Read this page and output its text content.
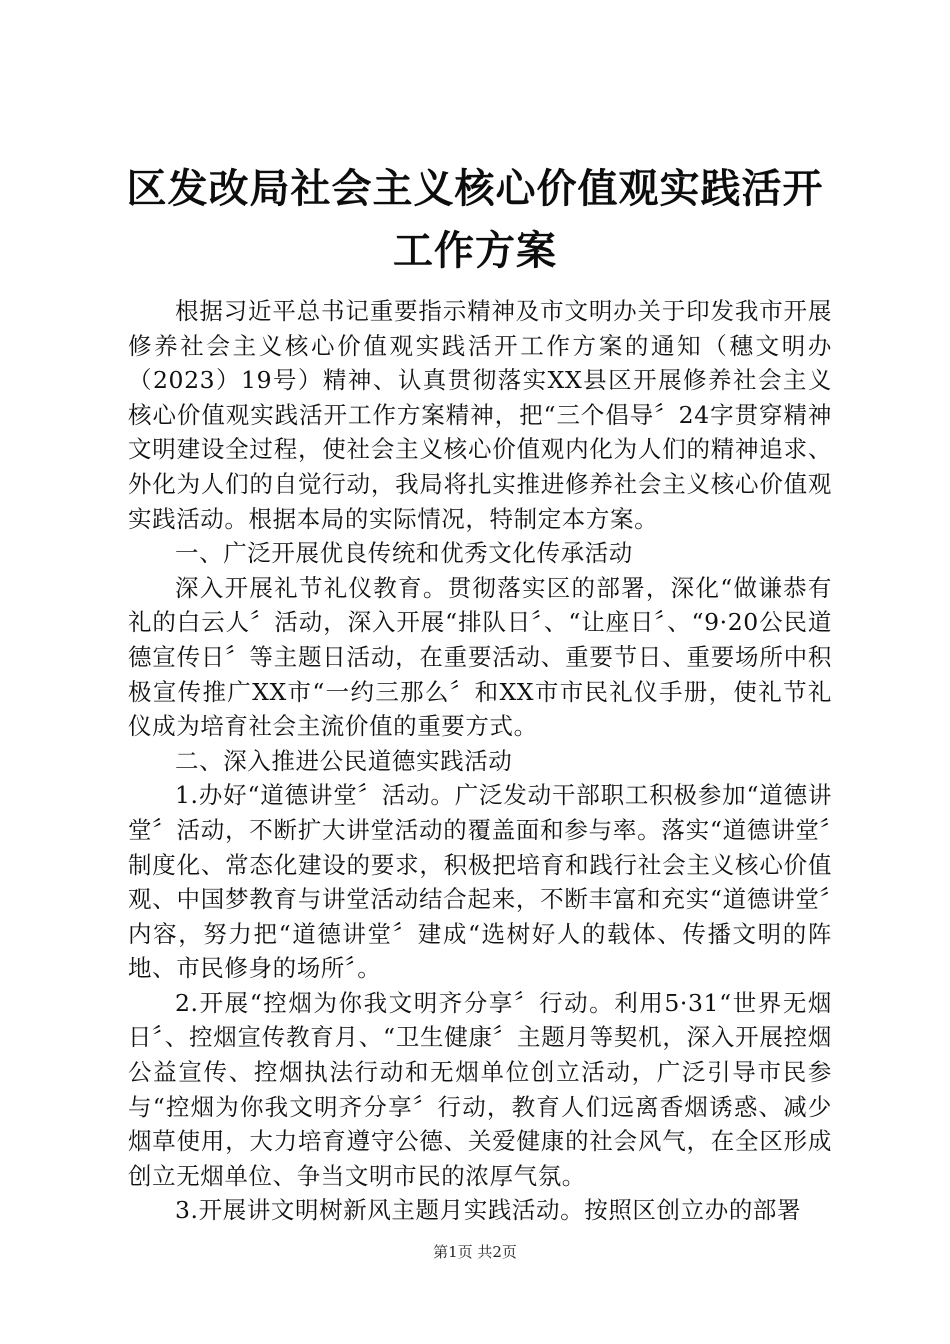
区发改局社会主义核心价值观实践活开工作方案

根据习近平总书记重要指示精神及市文明办关于印发我市开展修养社会主义核心价值观实践活开工作方案的通知（穗文明办（2023）19号）精神、认真贯彻落实XX县区开展修养社会主义核心价值观实践活开工作方案精神，把“三个倡导〞24字贯穿精神文明建设全过程，使社会主义核心价值观内化为人们的精神追求、外化为人们的自觉行动，我局将扎实推进修养社会主义核心价值观实践活动。根据本局的实际情况，特制定本方案。

一、广泛开展优良传统和优秀文化传承活动

深入开展礼节礼仪教育。贯彻落实区的部署，深化“做谦恭有礼的白云人〞活动，深入开展“排队日〞、“让座日〞、“9·20公民道德宣传日〞等主题日活动，在重要活动、重要节日、重要场所中积极宣传推广XX市“一约三那么〞和XX市市民礼仪手册，使礼节礼仪成为培育社会主流价值的重要方式。

二、深入推进公民道德实践活动

1.办好“道德讲堂〞活动。广泛发动干部职工积极参加“道德讲堂〞活动，不断扩大讲堂活动的覆盖面和参与率。落实“道德讲堂〞制度化、常态化建设的要求，积极把培育和践行社会主义核心价值观、中国梦教育与讲堂活动结合起来，不断丰富和充实“道德讲堂〞内容，努力把“道德讲堂〞建成“选树好人的载体、传播文明的阵地、市民修身的场所〞。

2.开展“控烟为你我文明齐分享〞行动。利用5·31“世界无烟日〞、控烟宣传教育月、“卫生健康〞主题月等契机，深入开展控烟公益宣传、控烟执法行动和无烟单位创立活动，广泛引导市民参与“控烟为你我文明齐分享〞行动，教育人们远离香烟诱惑、减少烟草使用，大力培育遵守公德、关爱健康的社会风气，在全区形成创立无烟单位、争当文明市民的浓厚气氛。

3.开展讲文明树新风主题月实践活动。按照区创立办的部署

第1页 共2页
